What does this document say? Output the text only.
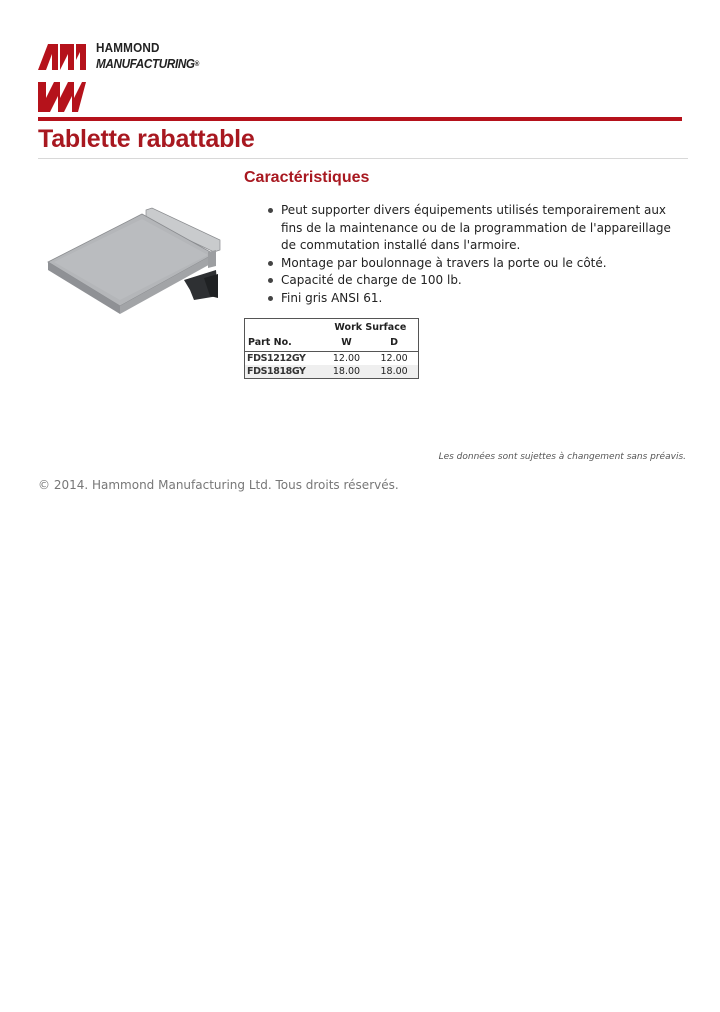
HAMMOND
MANUFACTURING®
Tablette rabattable
Caractéristiques
Peut supporter divers équipements utilisés temporairement aux fins de la maintenance ou de la programmation de l'appareillage de commutation installé dans l'armoire.
Montage par boulonnage à travers la porte ou le côté.
Capacité de charge de 100 lb.
Fini gris ANSI 61.
	Work Surface	
Part No.	W	D
FDS1212GY	12.00	12.00
FDS1818GY	18.00	18.00

Les données sont sujettes à changement sans préavis.

© 2014. Hammond Manufacturing Ltd. Tous droits réservés.
